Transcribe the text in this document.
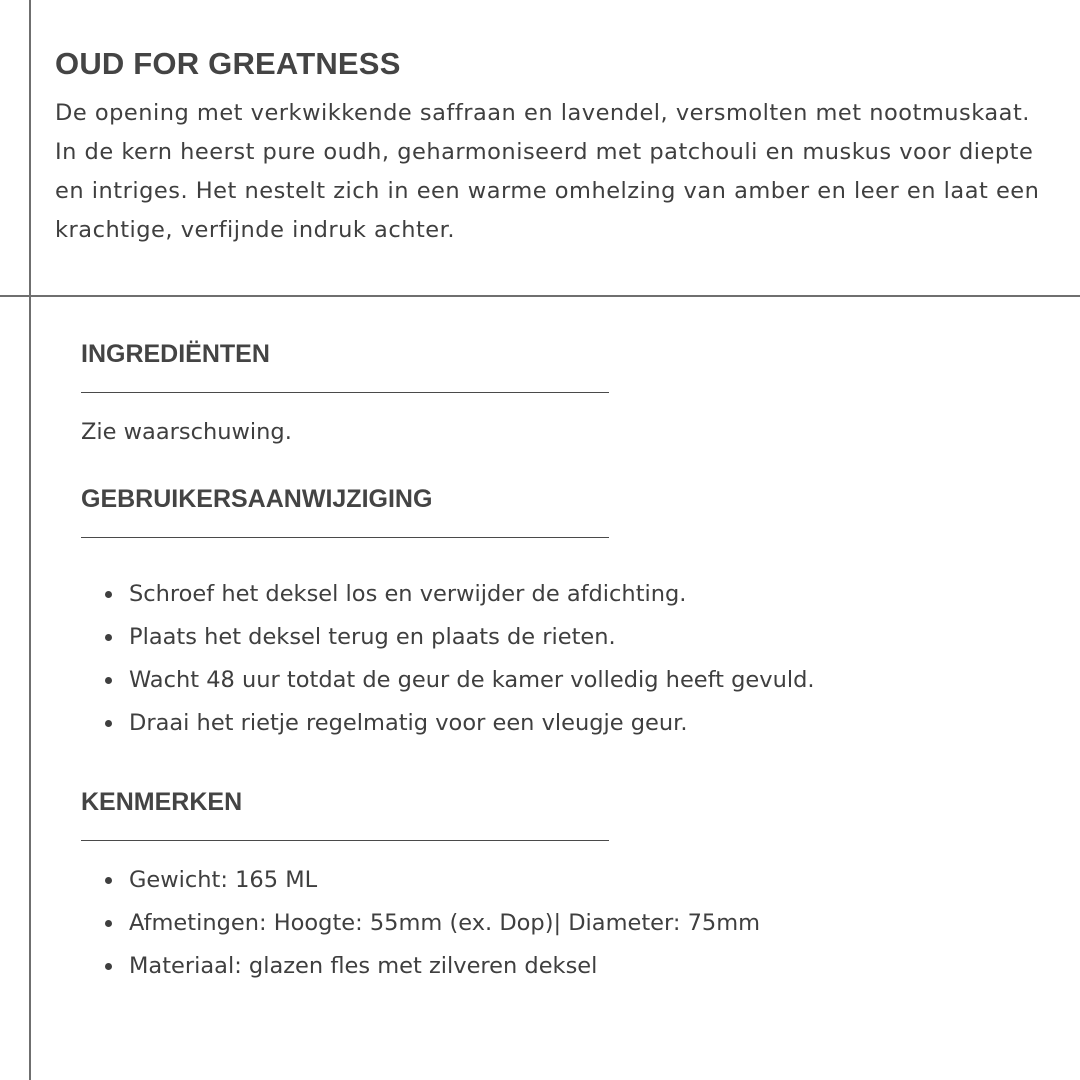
OUD FOR GREATNESS

De opening met verkwikkende saffraan en lavendel, versmolten met nootmuskaat. In de kern heerst pure oudh, geharmoniseerd met patchouli en muskus voor diepte en intriges. Het nestelt zich in een warme omhelzing van amber en leer en laat een krachtige, verfijnde indruk achter.

INGREDIËNTEN

Zie waarschuwing.

GEBRUIKERSAANWIJZIGING
Schroef het deksel los en verwijder de afdichting.
Plaats het deksel terug en plaats de rieten.
Wacht 48 uur totdat de geur de kamer volledig heeft gevuld.
Draai het rietje regelmatig voor een vleugje geur.
KENMERKEN
Gewicht: 165 ML
Afmetingen: Hoogte: 55mm (ex. Dop)| Diameter: 75mm
Materiaal: glazen fles met zilveren deksel
